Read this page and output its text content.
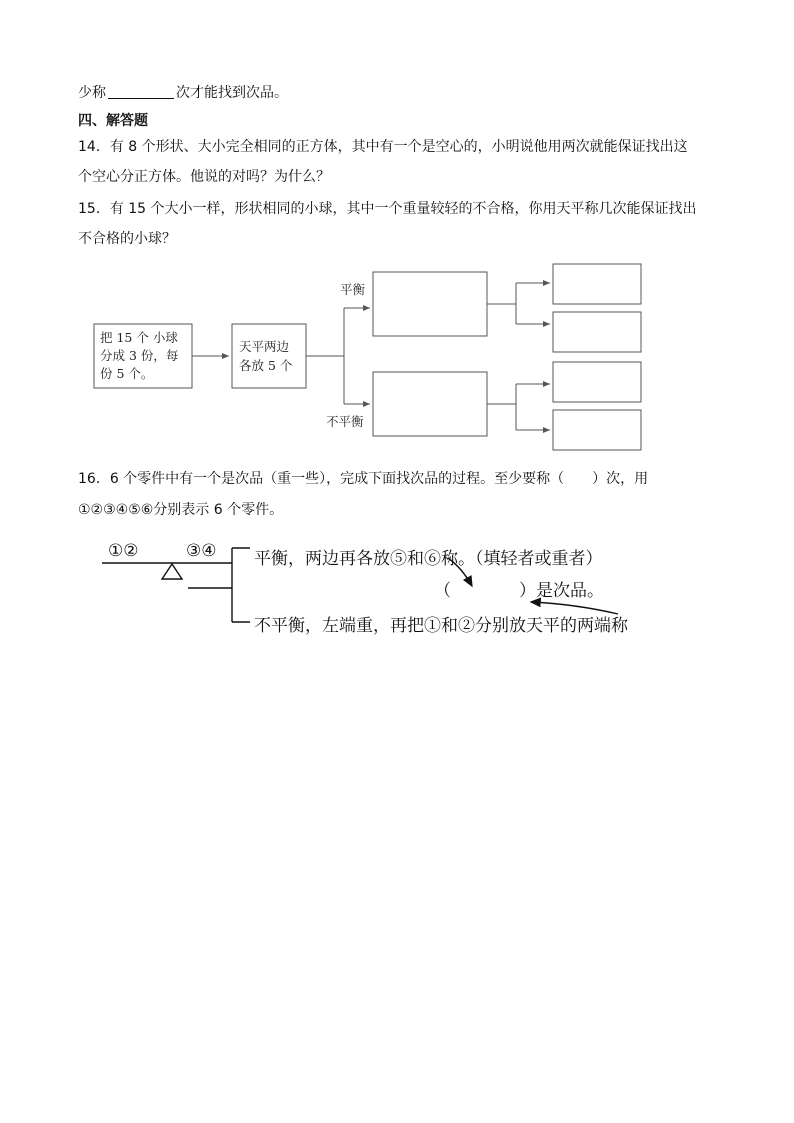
少称	次才能找到次品。
四、解答题
14．有 8 个形状、大小完全相同的正方体，其中有一个是空心的，小明说他用两次就能保证找出这
个空心分正方体。他说的对吗？为什么？
15．有 15 个大小一样，形状相同的小球，其中一个重量较轻的不合格，你用天平称几次能保证找出
不合格的小球？
把 15 个 小球
分成 3 份，每
份 5 个。
天平两边
各放 5 个
平衡
不平衡
16．6 个零件中有一个是次品（重一些），完成下面找次品的过程。至少要称（　　）次，用
①②③④⑤⑥分别表示 6 个零件。
①②	③④ 平衡，两边再各放⑤和⑥称。（填轻者或重者）
（　　　　）是次品。
不平衡，左端重，再把①和②分别放天平的两端称
